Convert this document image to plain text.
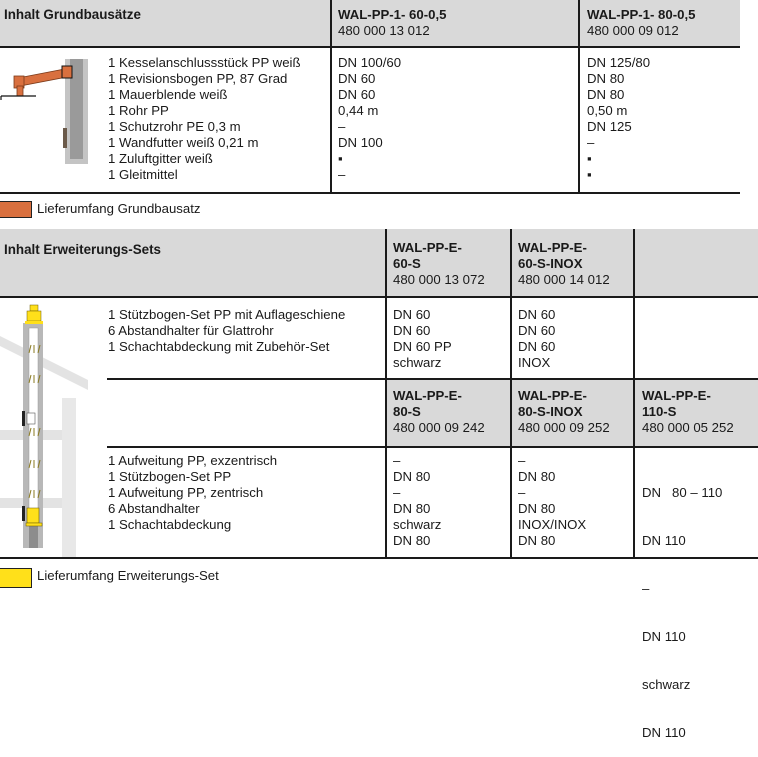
Inhalt Grundbausätze	WAL-PP-1- 60-0,5
480 000 13 012
WAL-PP-1- 80-0,5
480 000 09 012
1 Kesselanschlussstück PP weiß
1 Revisionsbogen PP, 87 Grad
1 Mauerblende weiß
1 Rohr PP
1 Schutzrohr PE 0,3 m
1 Wandfutter weiß 0,21 m
1 Zuluftgitter weiß
1 Gleitmittel
DN 100/60
DN 60
DN 60
0,44 m
–
DN 100
▪
–
DN 125/80
DN 80
DN 80
0,50 m
DN 125
–
▪
▪
Lieferumfang Grundbausatz
Inhalt Erweiterungs-Sets	WAL-PP-E-
60-S
480 000 13 072
WAL-PP-E-
60-S-INOX
480 000 14 012
1 Stützbogen-Set PP mit Auflageschiene
6 Abstandhalter für Glattrohr
1 Schachtabdeckung mit Zubehör-Set
DN 60
DN 60
DN 60 PP
schwarz
DN 60
DN 60
DN 60
INOX
WAL-PP-E-
80-S
480 000 09 242
WAL-PP-E-
80-S-INOX
480 000 09 252
WAL-PP-E-
110-S
480 000 05 252
1 Aufweitung PP, exzentrisch
1 Stützbogen-Set PP
1 Aufweitung PP, zentrisch
6 Abstandhalter
1 Schachtabdeckung
–
DN 80
–
DN 80
schwarz
DN 80
–
DN 80
–
DN 80
INOX/INOX
DN 80

DN   80 – 110

DN 110

–

DN 110

schwarz

DN 110

Lieferumfang Erweiterungs-Set
